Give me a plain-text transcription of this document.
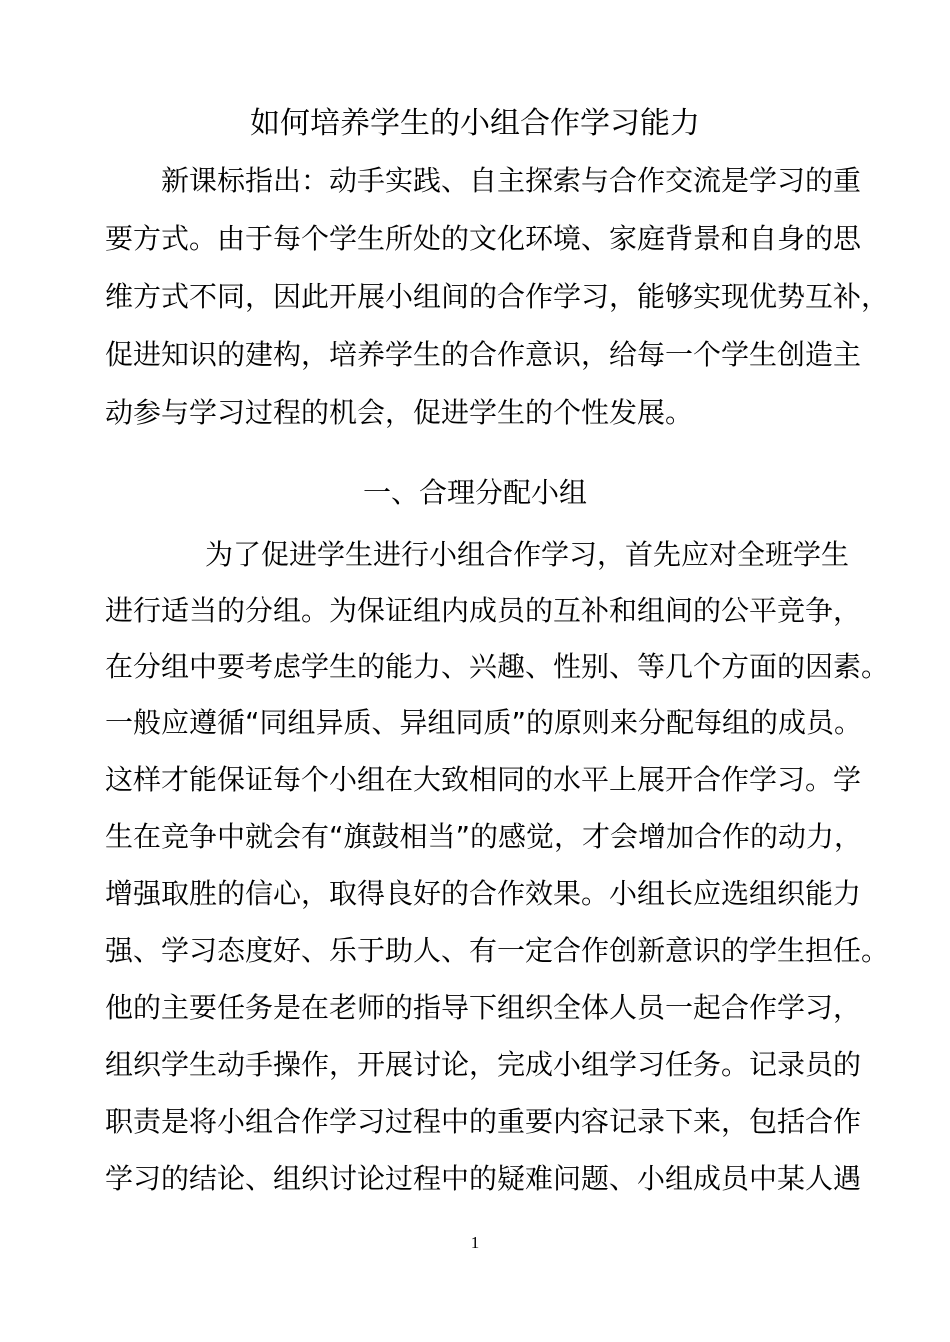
如何培养学生的小组合作学习能力
新课标指出：动手实践、自主探索与合作交流是学习的重
要方式。由于每个学生所处的文化环境、家庭背景和自身的思
维方式不同，因此开展小组间的合作学习，能够实现优势互补，
促进知识的建构，培养学生的合作意识，给每一个学生创造主
动参与学习过程的机会，促进学生的个性发展。
一、合理分配小组
为了促进学生进行小组合作学习，首先应对全班学生
进行适当的分组。为保证组内成员的互补和组间的公平竞争，
在分组中要考虑学生的能力、兴趣、性别、等几个方面的因素。
一般应遵循“同组异质、异组同质”的原则来分配每组的成员。
这样才能保证每个小组在大致相同的水平上展开合作学习。学
生在竞争中就会有“旗鼓相当”的感觉，才会增加合作的动力，
增强取胜的信心，取得良好的合作效果。小组长应选组织能力
强、学习态度好、乐于助人、有一定合作创新意识的学生担任。
他的主要任务是在老师的指导下组织全体人员一起合作学习，
组织学生动手操作，开展讨论，完成小组学习任务。记录员的
职责是将小组合作学习过程中的重要内容记录下来，包括合作
学习的结论、组织讨论过程中的疑难问题、小组成员中某人遇
1
